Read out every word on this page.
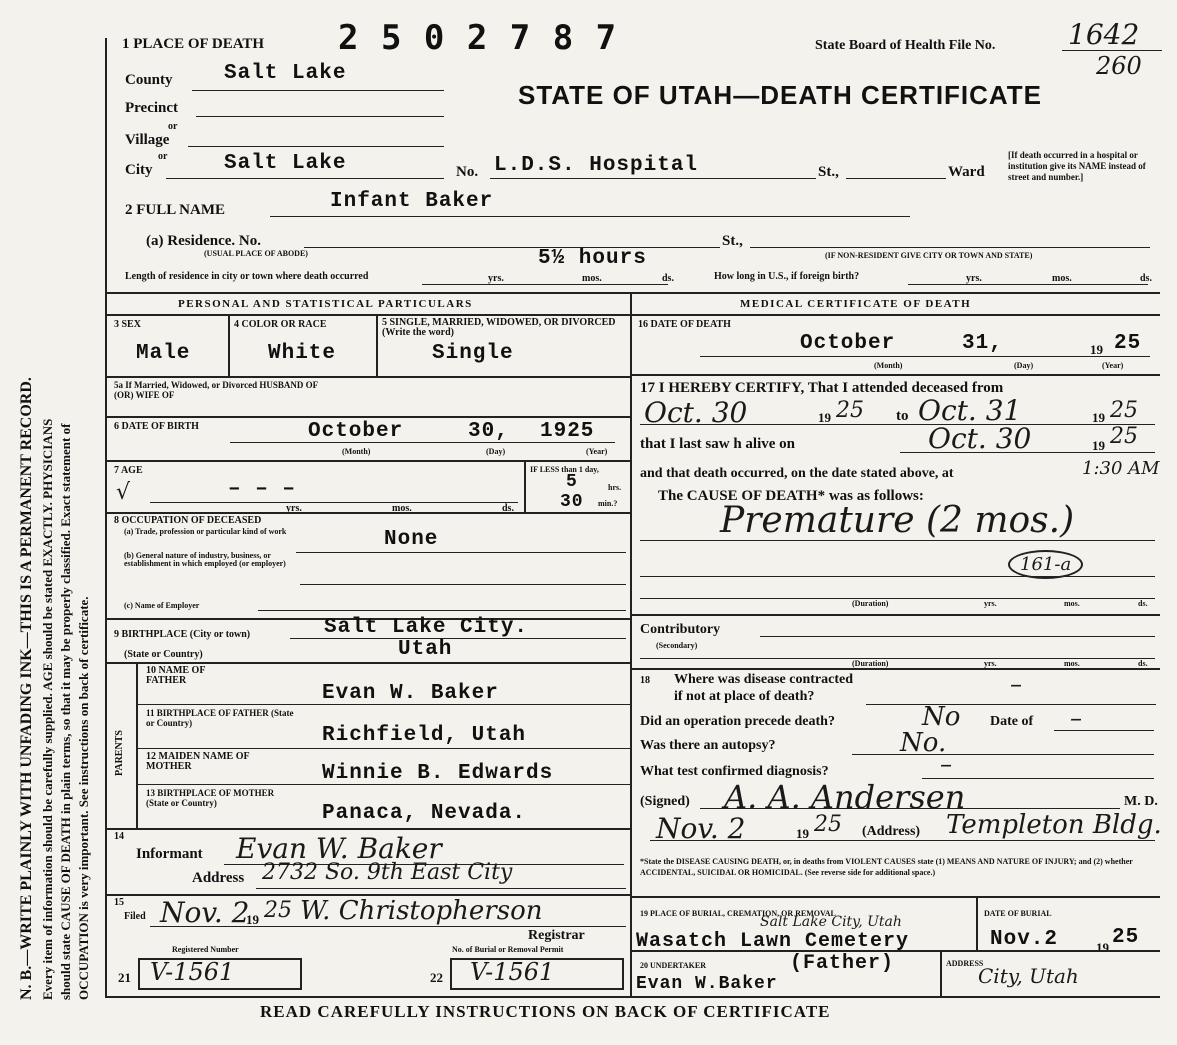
N. B.—WRITE PLAINLY WITH UNFADING INK—THIS IS A PERMANENT RECORD. Every item of information should be carefully supplied. AGE should be stated EXACTLY. PHYSICIANS should state CAUSE OF DEATH in plain terms, so that it may be properly classified. Exact statement of OCCUPATION is very important. See instructions on back of certificate.
1 PLACE OF DEATH 2 5 0 2 7 8 7	State Board of Health File No.	1642
260
STATE OF UTAH—DEATH CERTIFICATE
County Salt Lake
Precinct
or
Village
or
City	Salt Lake	No. L.D.S. Hospital	St.,	Ward
[If death occurred in a hospital or institution give its NAME instead of street and number.]
2 FULL NAME	Infant Baker
(a) Residence. No.
(USUAL PLACE OF ABODE)
St.,
(IF NON-RESIDENT GIVE CITY OR TOWN AND STATE)
Length of residence in city or town where death occurred
5½ hours
yrs.	mos.	ds.	How long in U.S., if foreign birth?	yrs.	mos.	ds.
PERSONAL AND STATISTICAL PARTICULARS
3 SEX	4 COLOR OR RACE	5 SINGLE, MARRIED, WIDOWED, OR DIVORCED (Write the word)
Male	White	Single
5a If Married, Widowed, or Divorced HUSBAND OF (OR) WIFE OF
6 DATE OF BIRTH	October	30, 1925
(Month)	(Day)	(Year)
7 AGE
√	– – –
yrs.	mos.	ds.
IF LESS than 1 day,
5	hrs.
30 min.?
8 OCCUPATION OF DECEASED
(a) Trade, profession or particular kind of work	None
(b) General nature of industry, business, or establishment in which employed (or employer)
(c) Name of Employer
9 BIRTHPLACE (City or town)	Salt Lake City.
(State or Country)	Utah
PARENTS
10 NAME OF FATHER
Evan W. Baker
11 BIRTHPLACE OF FATHER (State or Country)
Richfield, Utah
12 MAIDEN NAME OF MOTHER	Winnie B. Edwards
13 BIRTHPLACE OF MOTHER (State or Country)	Panaca, Nevada.
14
Informant Evan W. Baker
Address 2732 So. 9th East City
15
Filed Nov. 2
19 25 W. Christopherson
Registrar
Registered Number	No. of Burial or Removal Permit
21 V-1561	22 V-1561
MEDICAL CERTIFICATE OF DEATH
16 DATE OF DEATH
October	31,	19 25
(Month)	(Day)	(Year)
17 I HEREBY CERTIFY, That I attended deceased from
Oct. 30	19 25 to Oct. 31	19 25
that I last saw h alive on	Oct. 30	19 25
and that death occurred, on the date stated above, at	1:30 AM
The CAUSE OF DEATH* was as follows:
Premature (2 mos.)
161-a
(Duration)	yrs.	mos.	ds.
Contributory
(Secondary)
(Duration)	yrs.	mos.	ds.
18 Where was disease contracted
if not at place of death?	–
Did an operation precede death?	No Date of –
Was there an autopsy?	No.
What test confirmed diagnosis?	–
(Signed) A. A. Andersen	M. D.
Nov. 2	19 25 (Address) Templeton Bldg.
*State the DISEASE CAUSING DEATH, or, in deaths from VIOLENT CAUSES state (1) MEANS AND NATURE OF INJURY; and (2) whether ACCIDENTAL, SUICIDAL OR HOMICIDAL. (See reverse side for additional space.)
19 PLACE OF BURIAL, CREMATION, OR REMOVAL
Salt Lake City, Utah
Wasatch Lawn Cemetery
DATE OF BURIAL
Nov.2	19 25
20 UNDERTAKER	(Father)
Evan W.Baker
ADDRESS
City, Utah
READ CAREFULLY INSTRUCTIONS ON BACK OF CERTIFICATE
